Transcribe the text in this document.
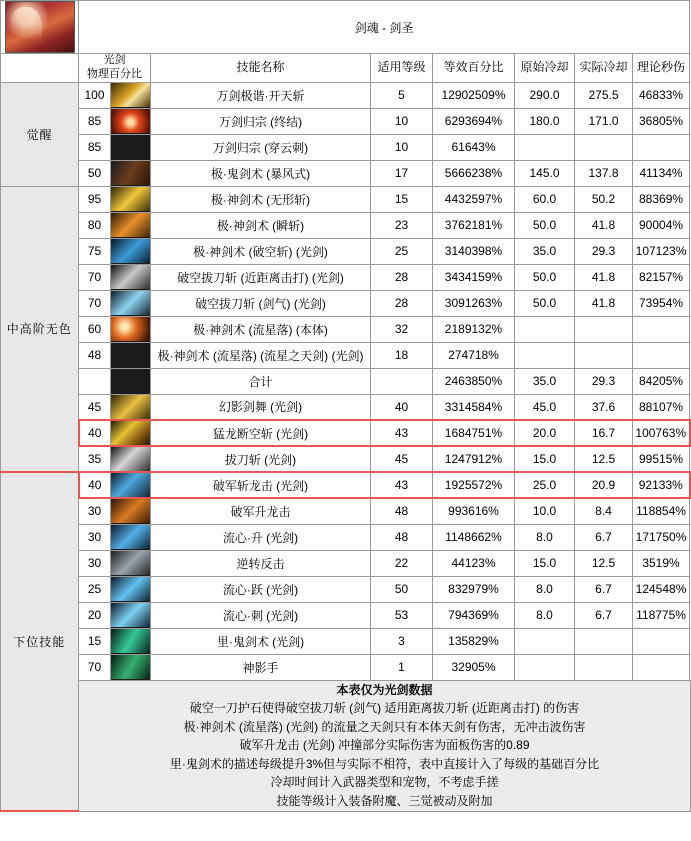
	剑魂 - 剑圣							
	光剑
物理百分比		技能名称	适用等级	等效百分比	原始冷却	实际冷却	理论秒伤
觉醒	100		万剑极谐·开天斩	5	12902509%	290.0	275.5	46833%
	85		万剑归宗 (终结)	10	6293694%	180.0	171.0	36805%
	85		万剑归宗 (穿云刺)	10	61643%			
	50		极·鬼剑术 (暴风式)	17	5666238%	145.0	137.8	41134%
中高阶无色	95		极·神剑术 (无形斩)	15	4432597%	60.0	50.2	88369%
	80		极·神剑术 (瞬斩)	23	3762181%	50.0	41.8	90004%
	75		极·神剑术 (破空斩) (光剑)	25	3140398%	35.0	29.3	107123%
	70		破空拔刀斩 (近距离击打) (光剑)	28	3434159%	50.0	41.8	82157%
	70		破空拔刀斩 (剑气) (光剑)	28	3091263%	50.0	41.8	73954%
	60		极·神剑术 (流星落) (本体)	32	2189132%			
	48		极·神剑术 (流星落) (流星之天剑) (光剑)	18	274718%			

		合计		2463850%	35.0	29.3	84205%
	45		幻影剑舞 (光剑)	40	3314584%	45.0	37.6	88107%
	40		猛龙断空斩 (光剑)	43	1684751%	20.0	16.7	100763%
	35		拔刀斩 (光剑)	45	1247912%	15.0	12.5	99515%
下位技能	40		破军斩龙击 (光剑)	43	1925572%	25.0	20.9	92133%
	30		破军升龙击	48	993616%	10.0	8.4	118854%
	30		流心·升 (光剑)	48	1148662%	8.0	6.7	171750%
	30		逆转反击	22	44123%	15.0	12.5	3519%
	25		流心·跃 (光剑)	50	832979%	8.0	6.7	124548%
	20		流心·刺 (光剑)	53	794369%	8.0	6.7	118775%
	15		里·鬼剑术 (光剑)	3	135829%			
	70		神影手	1	32905%			

本表仅为光剑数据
破空一刀护石使得破空拔刀斩 (剑气) 适用距离拔刀斩 (近距离击打) 的伤害
极·神剑术 (流星落) (光剑) 的流量之天剑只有本体天剑有伤害，无冲击波伤害
破军升龙击 (光剑) 冲撞部分实际伤害为面板伤害的0.89
里·鬼剑术的描述每级提升3%但与实际不相符，表中直接计入了每级的基础百分比
冷却时间计入武器类型和宠物，不考虑手搓
技能等级计入装备附魔、三觉被动及附加
